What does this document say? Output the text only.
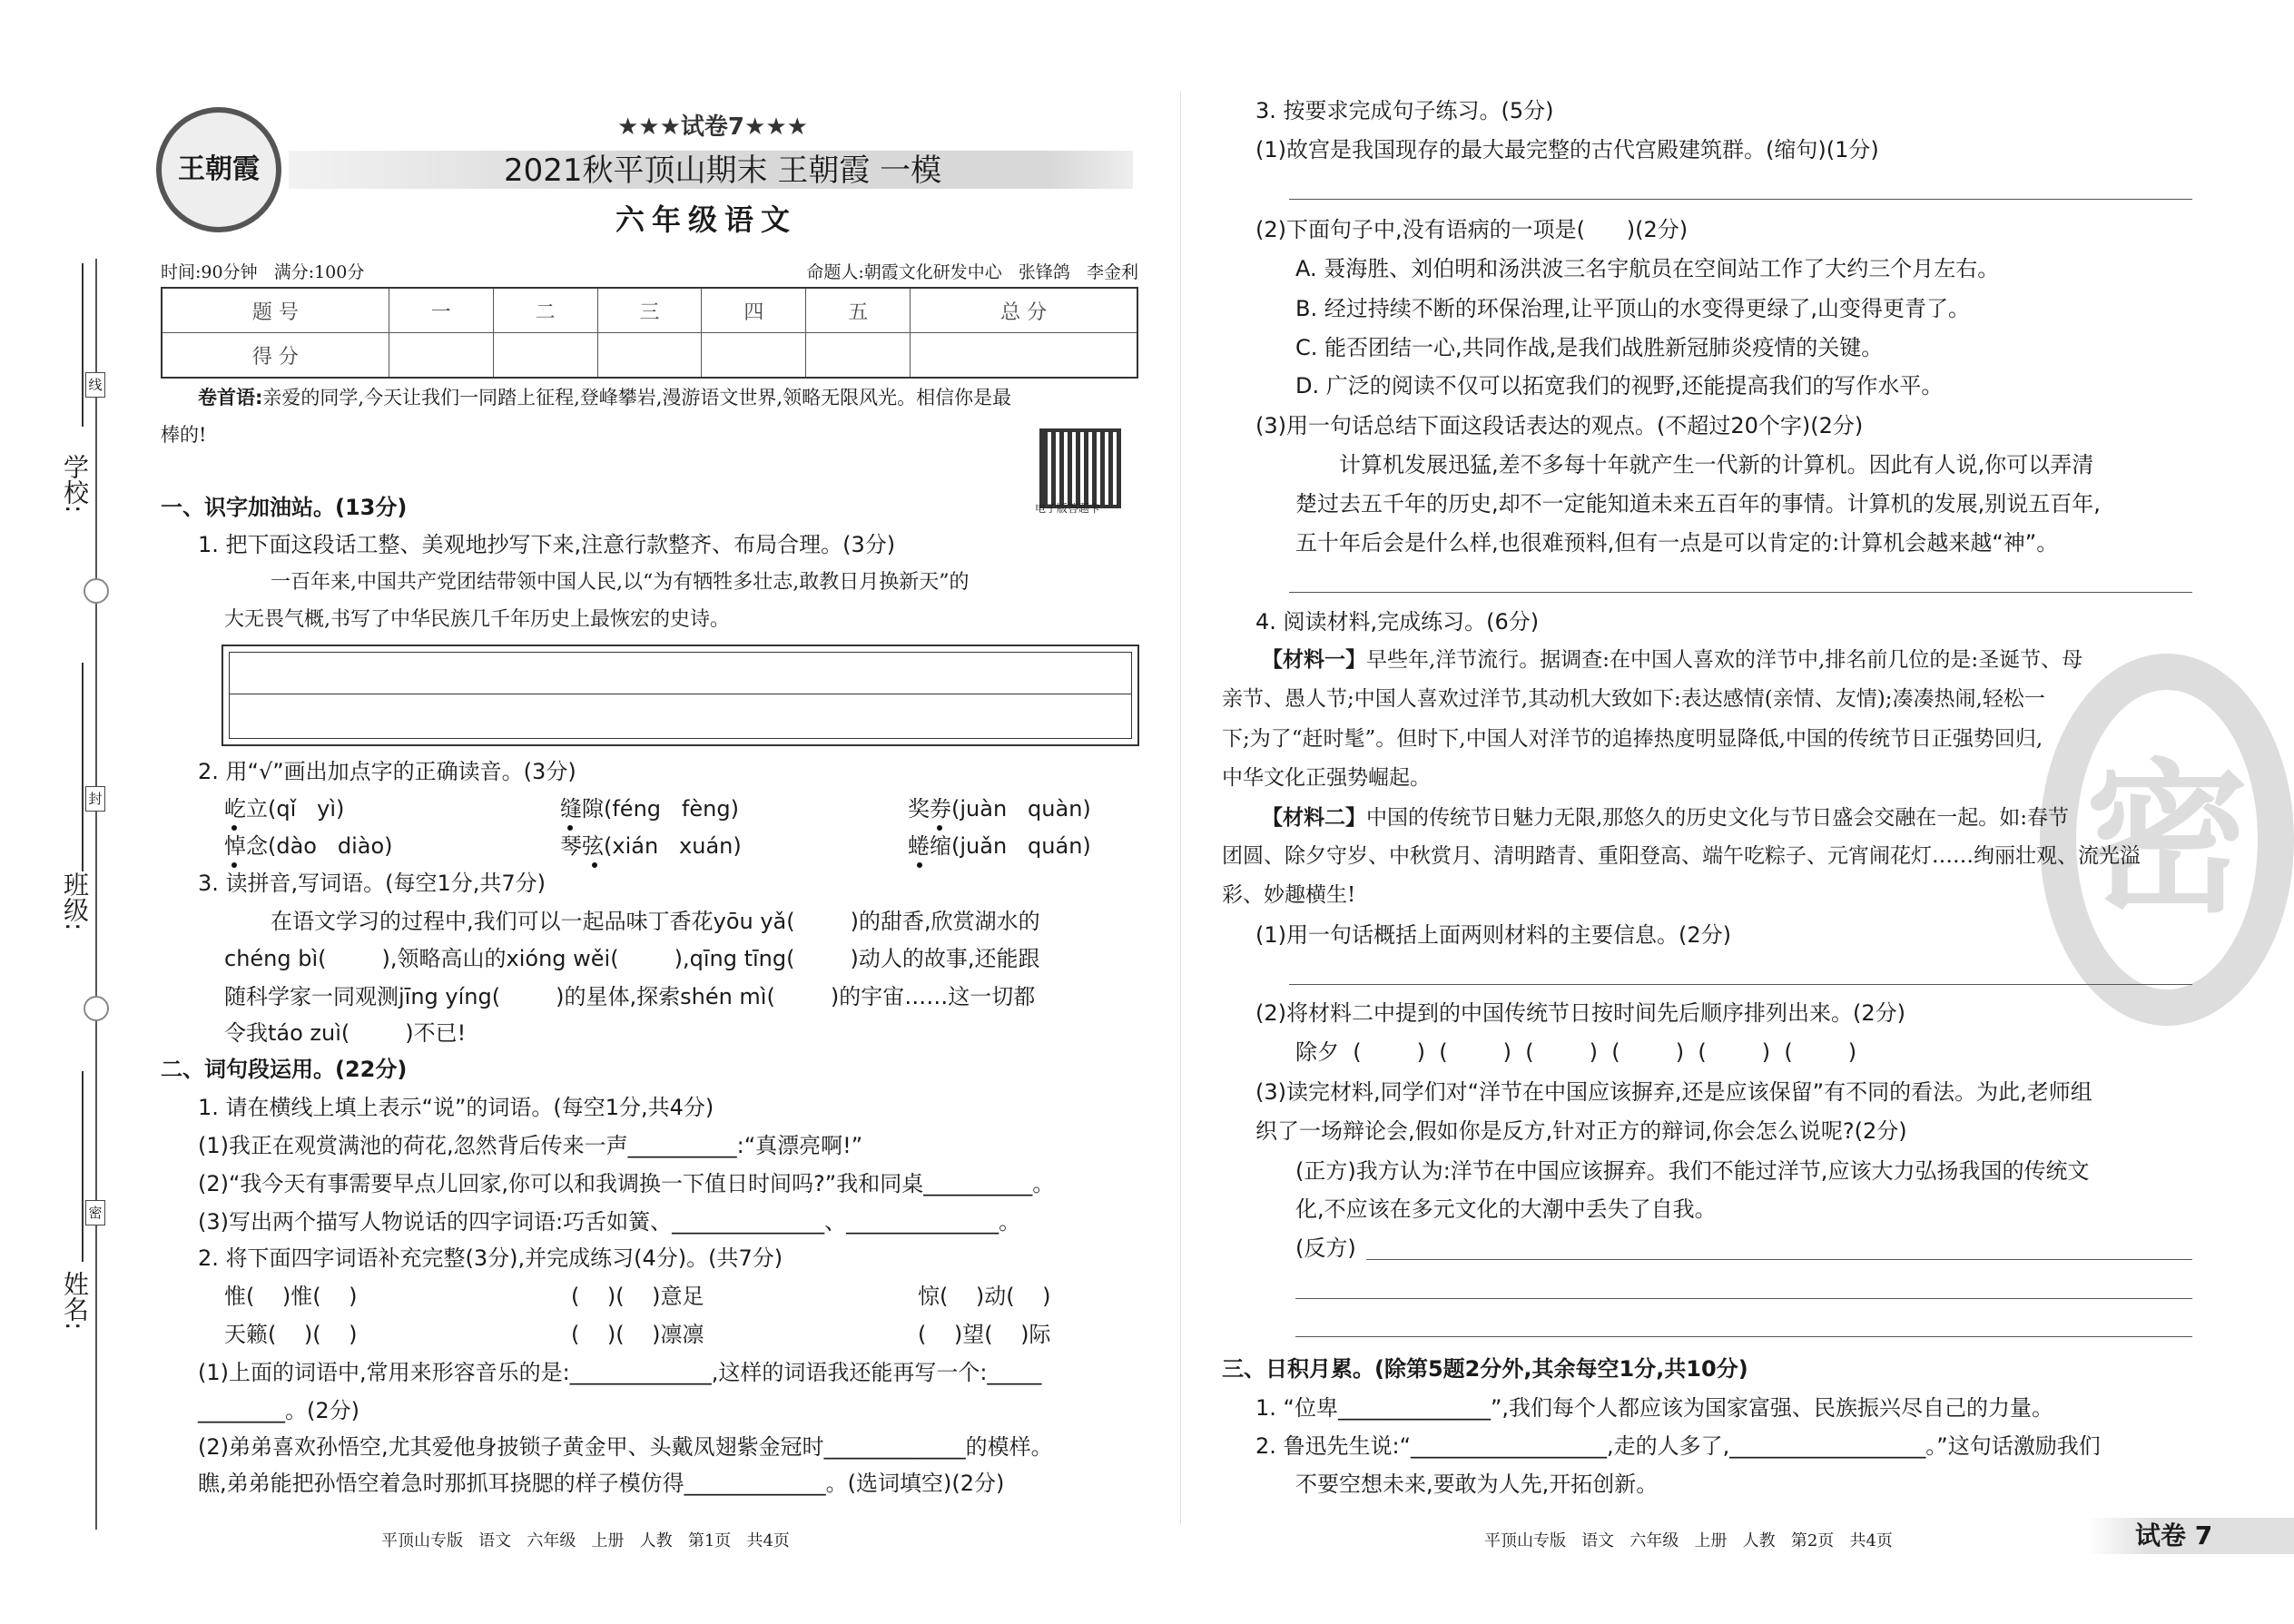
线
封
密
学校:
班级:
姓名:
王朝霞
★★★试卷7★★★
2021秋平顶山期末 王朝霞 一模
六年级语文
时间:90分钟   满分:100分	命题人:朝霞文化研发中心   张锋鸽   李金利
题 号	一	二	三	四	五	总 分
得 分						
卷首语:亲爱的同学,今天让我们一同踏上征程,登峰攀岩,漫游语文世界,领略无限风光。相信你是最
棒的!
电子版答题卡
一、识字加油站。(13分)
1. 把下面这段话工整、美观地抄写下来,注意行款整齐、布局合理。(3分)
一百年来,中国共产党团结带领中国人民,以“为有牺牲多壮志,敢教日月换新天”的
大无畏气概,书写了中华民族几千年历史上最恢宏的史诗。
2. 用“√”画出加点字的正确读音。(3分)
屹立(qǐ   yì)	缝隙(féng   fèng)	奖券(juàn   quàn)
悼念(dào   diào)	琴弦(xián   xuán)	蜷缩(juǎn   quán)
3. 读拼音,写词语。(每空1分,共7分)
在语文学习的过程中,我们可以一起品味丁香花yōu yǎ(        )的甜香,欣赏湖水的
chéng bì(        ),领略高山的xióng wěi(        ),qīng tīng(        )动人的故事,还能跟
随科学家一同观测jīng yíng(        )的星体,探索shén mì(        )的宇宙……这一切都
令我táo zuì(        )不已!
二、词句段运用。(22分)
1. 请在横线上填上表示“说”的词语。(每空1分,共4分)
(1)我正在观赏满池的荷花,忽然背后传来一声__________:“真漂亮啊!”
(2)“我今天有事需要早点儿回家,你可以和我调换一下值日时间吗?”我和同桌__________。
(3)写出两个描写人物说话的四字词语:巧舌如簧、______________、______________。
2. 将下面四字词语补充完整(3分),并完成练习(4分)。(共7分)
惟(    )惟(    )	(    )(    )意足	惊(    )动(    )
天籁(    )(    )	(    )(    )凛凛	(    )望(    )际
(1)上面的词语中,常用来形容音乐的是:_____________,这样的词语我还能再写一个:_____
________。(2分)
(2)弟弟喜欢孙悟空,尤其爱他身披锁子黄金甲、头戴凤翅紫金冠时_____________的模样。
瞧,弟弟能把孙悟空着急时那抓耳挠腮的样子模仿得_____________。(选词填空)(2分)
平顶山专版   语文   六年级   上册   人教   第1页   共4页
密
3. 按要求完成句子练习。(5分)
(1)故宫是我国现存的最大最完整的古代宫殿建筑群。(缩句)(1分)
(2)下面句子中,没有语病的一项是(      )(2分)
A. 聂海胜、刘伯明和汤洪波三名宇航员在空间站工作了大约三个月左右。
B. 经过持续不断的环保治理,让平顶山的水变得更绿了,山变得更青了。
C. 能否团结一心,共同作战,是我们战胜新冠肺炎疫情的关键。
D. 广泛的阅读不仅可以拓宽我们的视野,还能提高我们的写作水平。
(3)用一句话总结下面这段话表达的观点。(不超过20个字)(2分)
计算机发展迅猛,差不多每十年就产生一代新的计算机。因此有人说,你可以弄清
楚过去五千年的历史,却不一定能知道未来五百年的事情。计算机的发展,别说五百年,
五十年后会是什么样,也很难预料,但有一点是可以肯定的:计算机会越来越“神”。
4. 阅读材料,完成练习。(6分)
【材料一】早些年,洋节流行。据调查:在中国人喜欢的洋节中,排名前几位的是:圣诞节、母
亲节、愚人节;中国人喜欢过洋节,其动机大致如下:表达感情(亲情、友情);凑凑热闹,轻松一
下;为了“赶时髦”。但时下,中国人对洋节的追捧热度明显降低,中国的传统节日正强势回归,
中华文化正强势崛起。
【材料二】中国的传统节日魅力无限,那悠久的历史文化与节日盛会交融在一起。如:春节
团圆、除夕守岁、中秋赏月、清明踏青、重阳登高、端午吃粽子、元宵闹花灯……绚丽壮观、流光溢
彩、妙趣横生!
(1)用一句话概括上面两则材料的主要信息。(2分)
(2)将材料二中提到的中国传统节日按时间先后顺序排列出来。(2分)
除夕  (        )  (        )  (        )  (        )  (        )  (        )
(3)读完材料,同学们对“洋节在中国应该摒弃,还是应该保留”有不同的看法。为此,老师组
织了一场辩论会,假如你是反方,针对正方的辩词,你会怎么说呢?(2分)
(正方)我方认为:洋节在中国应该摒弃。我们不能过洋节,应该大力弘扬我国的传统文
化,不应该在多元文化的大潮中丢失了自我。
(反方)
三、日积月累。(除第5题2分外,其余每空1分,共10分)
1. “位卑______________”,我们每个人都应该为国家富强、民族振兴尽自己的力量。
2. 鲁迅先生说:“__________________,走的人多了,__________________。”这句话激励我们
不要空想未来,要敢为人先,开拓创新。
平顶山专版   语文   六年级   上册   人教   第2页   共4页	试卷 7
